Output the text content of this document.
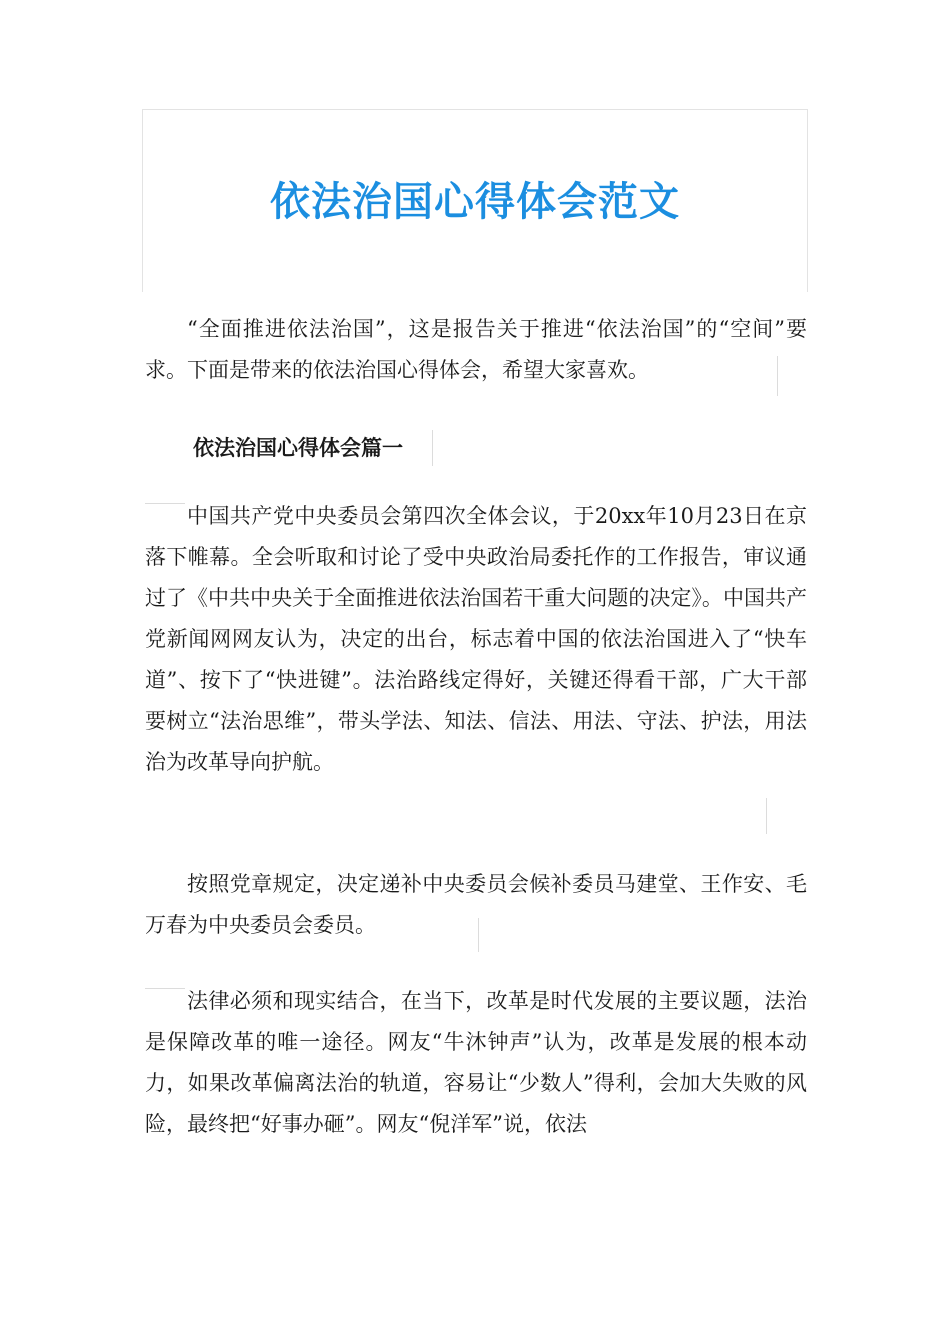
依法治国心得体会范文

“全面推进依法治国”，这是报告关于推进“依法治国”的“空间”要求。下面是带来的依法治国心得体会，希望大家喜欢。

依法治国心得体会篇一

中国共产党中央委员会第四次全体会议，于20xx年10月23日在京落下帷幕。全会听取和讨论了受中央政治局委托作的工作报告，审议通过了《中共中央关于全面推进依法治国若干重大问题的决定》。中国共产党新闻网网友认为，决定的出台，标志着中国的依法治国进入了“快车道”、按下了“快进键”。法治路线定得好，关键还得看干部，广大干部要树立“法治思维”，带头学法、知法、信法、用法、守法、护法，用法治为改革导向护航。

按照党章规定，决定递补中央委员会候补委员马建堂、王作安、毛万春为中央委员会委员。

法律必须和现实结合，在当下，改革是时代发展的主要议题，法治是保障改革的唯一途径。网友“牛沐钟声”认为，改革是发展的根本动力，如果改革偏离法治的轨道，容易让“少数人”得利，会加大失败的风险，最终把“好事办砸”。网友“倪洋军”说，依法
